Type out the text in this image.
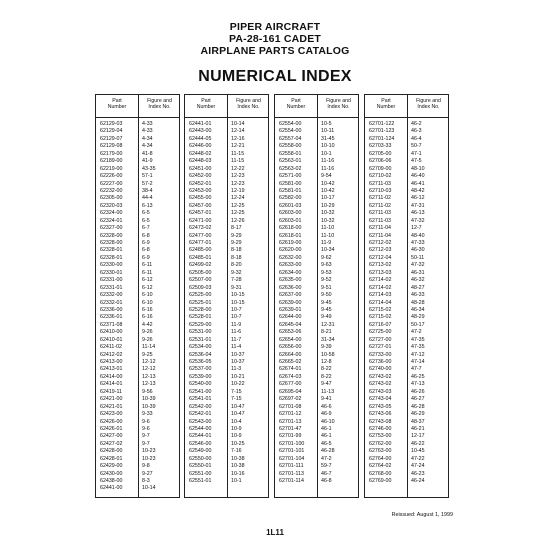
PIPER AIRCRAFT
PA-28-161 CADET
AIRPLANE PARTS CATALOG
NUMERICAL INDEX
Part
Number
Figure and
Index No.
62129-03	4-33
62129-04	4-33
62129-07	4-34
62129-08	4-34
62179-00	41-8
62189-00	41-9
62219-00	43-35
62226-00	57-1
62227-00	57-2
62232-00	38-4
62305-00	44-4
62320-03	6-13
62324-00	6-5
62324-01	6-5
62327-00	6-7
62328-00	6-8
62328-00	6-9
62328-01	6-8
62328-01	6-9
62330-00	6-11
62330-01	6-11
62331-00	6-12
62331-01	6-12
62332-00	6-10
62332-01	6-10
62336-00	6-16
62336-01	6-16
62371-08	4-42
62410-00	9-26
62410-01	9-26
62411-02	11-14
62412-02	9-25
62413-00	12-12
62413-01	12-12
62414-00	12-13
62414-01	12-13
62419-11	9-56
62421-00	10-39
62421-01	10-39
62423-00	9-33
62426-00	9-6
62426-01	9-6
62427-00	9-7
62427-02	9-7
62428-00	10-23
62428-01	10-23
62429-00	9-8
62430-00	9-27
62438-00	8-3
62441-00	10-14
Part
Number
Figure and
Index No.
62441-01	10-14
62443-00	12-14
62444-05	12-16
62446-00	12-21
62448-02	11-15
62448-03	11-15
62451-00	12-22
62452-00	12-23
62452-01	12-23
62453-00	12-19
62455-00	12-24
62457-00	12-25
62457-01	12-25
62471-00	12-26
62473-02	8-17
62477-00	9-29
62477-01	9-29
62485-00	8-18
62485-01	8-18
62499-02	8-20
62505-00	9-32
62507-00	7-28
62509-03	9-31
62525-00	10-15
62525-01	10-15
62528-00	10-7
62528-01	10-7
62529-00	11-9
62531-00	11-6
62531-01	11-7
62534-00	11-4
62536-04	10-37
62536-05	10-37
62537-00	11-3
62539-00	10-21
62540-00	10-22
62541-00	7-15
62541-01	7-15
62542-00	10-47
62542-01	10-47
62543-00	10-4
62544-00	10-9
62544-01	10-9
62546-00	10-25
62549-00	7-16
62550-00	10-38
62550-01	10-38
62551-00	10-16
62551-01	10-1
Part
Number
Figure and
Index No.
62554-00	10-5
62554-00	10-11
62557-04	31-45
62558-00	10-10
62558-01	10-1
62563-01	11-16
62563-02	11-16
62571-00	9-54
62581-00	10-42
62581-01	10-42
62582-00	10-17
62601-03	10-29
62603-00	10-32
62603-01	10-32
62618-00	11-10
62618-01	11-10
62619-00	11-9
62620-00	10-34
62632-00	9-62
62633-00	9-63
62634-00	9-53
62635-00	9-52
62636-00	9-51
62637-00	9-50
62639-00	9-45
62639-01	9-45
62644-00	9-49
62645-04	12-31
62653-06	8-21
62654-00	31-34
62656-00	9-39
62664-00	10-58
62665-02	12-8
62674-01	8-22
62674-03	8-22
62677-00	9-47
62695-04	11-13
62697-02	9-41
62701-08	46-6
62701-12	46-9
62701-13	46-10
62701-47	46-1
62701-99	46-1
62701-100	46-5
62701-101	46-28
62701-104	47-2
62701-111	59-7
62701-113	46-7
62701-114	46-8
Part
Number
Figure and
Index No.
62701-122	46-2
62701-123	46-3
62701-124	46-4
62703-33	50-7
62705-00	47-1
62706-06	47-5
62709-00	48-10
62710-02	46-40
62711-03	46-41
62710-03	48-42
62711-02	46-12
62711-02	47-31
62711-03	46-13
62711-03	47-32
62711-04	12-7
62711-04	48-40
62712-02	47-33
62712-03	46-30
62712-04	50-11
62713-02	47-32
62713-03	46-31
62714-02	46-32
62714-02	48-27
62714-03	46-33
62714-04	48-28
62715-02	46-34
62715-02	48-29
62716-07	50-17
62725-00	47-2
62727-00	47-35
62727-01	47-35
62733-00	47-12
62736-00	47-14
62740-00	47-7
62743-02	46-25
62743-02	47-13
62743-03	46-26
62743-04	46-27
62743-05	46-28
62743-06	46-29
62743-08	48-37
62746-00	46-21
62753-00	12-17
62762-00	46-22
62763-00	10-45
62764-00	47-22
62764-02	47-24
62768-00	46-23
62769-00	46-24
Reissued: August 1, 1999
1L11
